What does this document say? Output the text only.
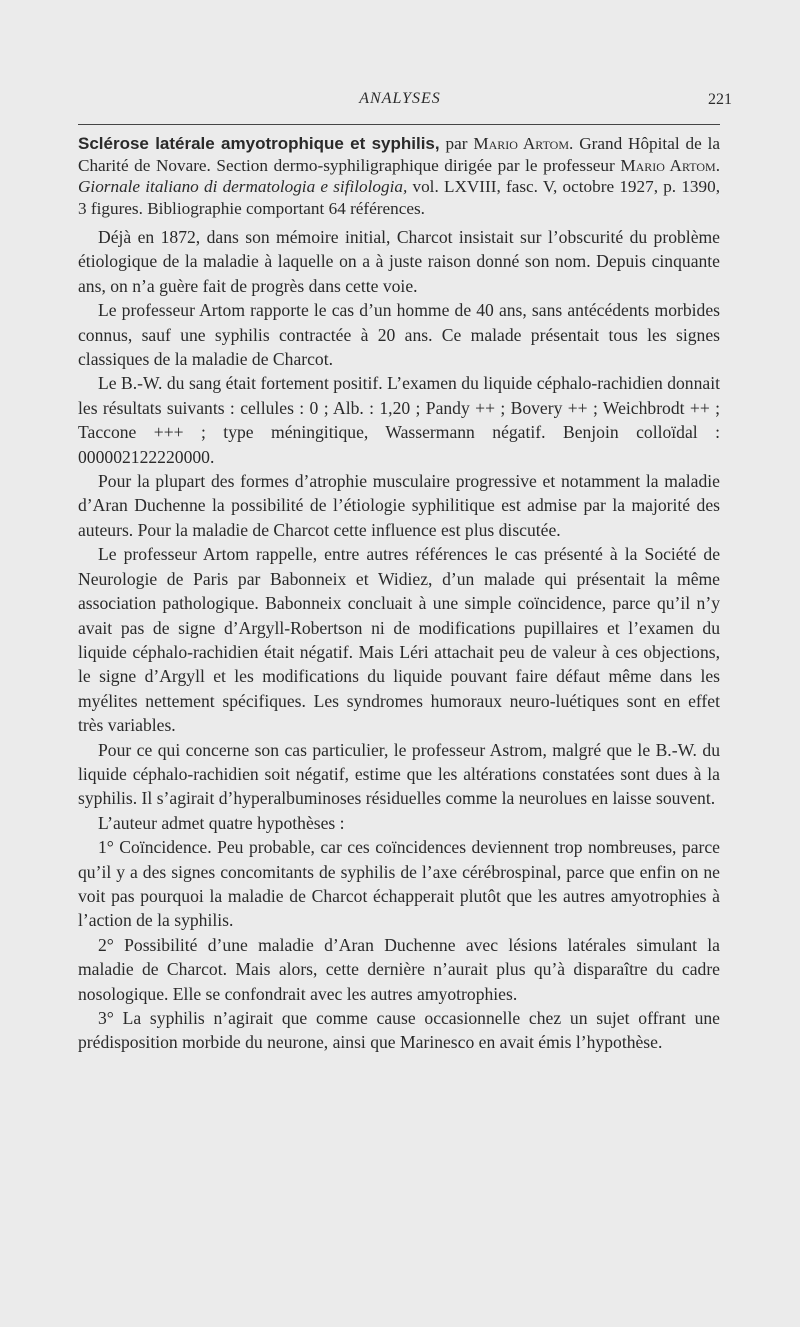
ANALYSES	221

Sclérose latérale amyotrophique et syphilis, par Mario Artom. Grand Hôpital de la Charité de Novare. Section dermo-syphiligraphique dirigée par le professeur Mario Artom. Giornale italiano di dermatologia e sifilologia, vol. LXVIII, fasc. V, octobre 1927, p. 1390, 3 figures. Bibliographie comportant 64 références.

Déjà en 1872, dans son mémoire initial, Charcot insistait sur l’obscurité du problème étiologique de la maladie à laquelle on a à juste raison donné son nom. Depuis cinquante ans, on n’a guère fait de progrès dans cette voie.

Le professeur Artom rapporte le cas d’un homme de 40 ans, sans antécédents morbides connus, sauf une syphilis contractée à 20 ans. Ce malade présentait tous les signes classiques de la maladie de Charcot.

Le B.-W. du sang était fortement positif. L’examen du liquide céphalo-rachidien donnait les résultats suivants : cellules : 0 ; Alb. : 1,20 ; Pandy ++ ; Bovery ++ ; Weichbrodt ++ ; Taccone +++ ; type méningitique, Wassermann négatif. Benjoin colloïdal : 000002122220000.

Pour la plupart des formes d’atrophie musculaire progressive et notamment la maladie d’Aran Duchenne la possibilité de l’étiologie syphilitique est admise par la majorité des auteurs. Pour la maladie de Charcot cette influence est plus discutée.

Le professeur Artom rappelle, entre autres références le cas présenté à la Société de Neurologie de Paris par Babonneix et Widiez, d’un malade qui présentait la même association pathologique. Babonneix concluait à une simple coïncidence, parce qu’il n’y avait pas de signe d’Argyll-Robertson ni de modifications pupillaires et l’examen du liquide céphalo-rachidien était négatif. Mais Léri attachait peu de valeur à ces objections, le signe d’Argyll et les modifications du liquide pouvant faire défaut même dans les myélites nettement spécifiques. Les syndromes humoraux neuro-luétiques sont en effet très variables.

Pour ce qui concerne son cas particulier, le professeur Astrom, malgré que le B.-W. du liquide céphalo-rachidien soit négatif, estime que les altérations constatées sont dues à la syphilis. Il s’agirait d’hyperalbuminoses résiduelles comme la neurolues en laisse souvent.

L’auteur admet quatre hypothèses :

1° Coïncidence. Peu probable, car ces coïncidences deviennent trop nombreuses, parce qu’il y a des signes concomitants de syphilis de l’axe cérébrospinal, parce que enfin on ne voit pas pourquoi la maladie de Charcot échapperait plutôt que les autres amyotrophies à l’action de la syphilis.

2° Possibilité d’une maladie d’Aran Duchenne avec lésions latérales simulant la maladie de Charcot. Mais alors, cette dernière n’aurait plus qu’à disparaître du cadre nosologique. Elle se confondrait avec les autres amyotrophies.

3° La syphilis n’agirait que comme cause occasionnelle chez un sujet offrant une prédisposition morbide du neurone, ainsi que Marinesco en avait émis l’hypothèse.
